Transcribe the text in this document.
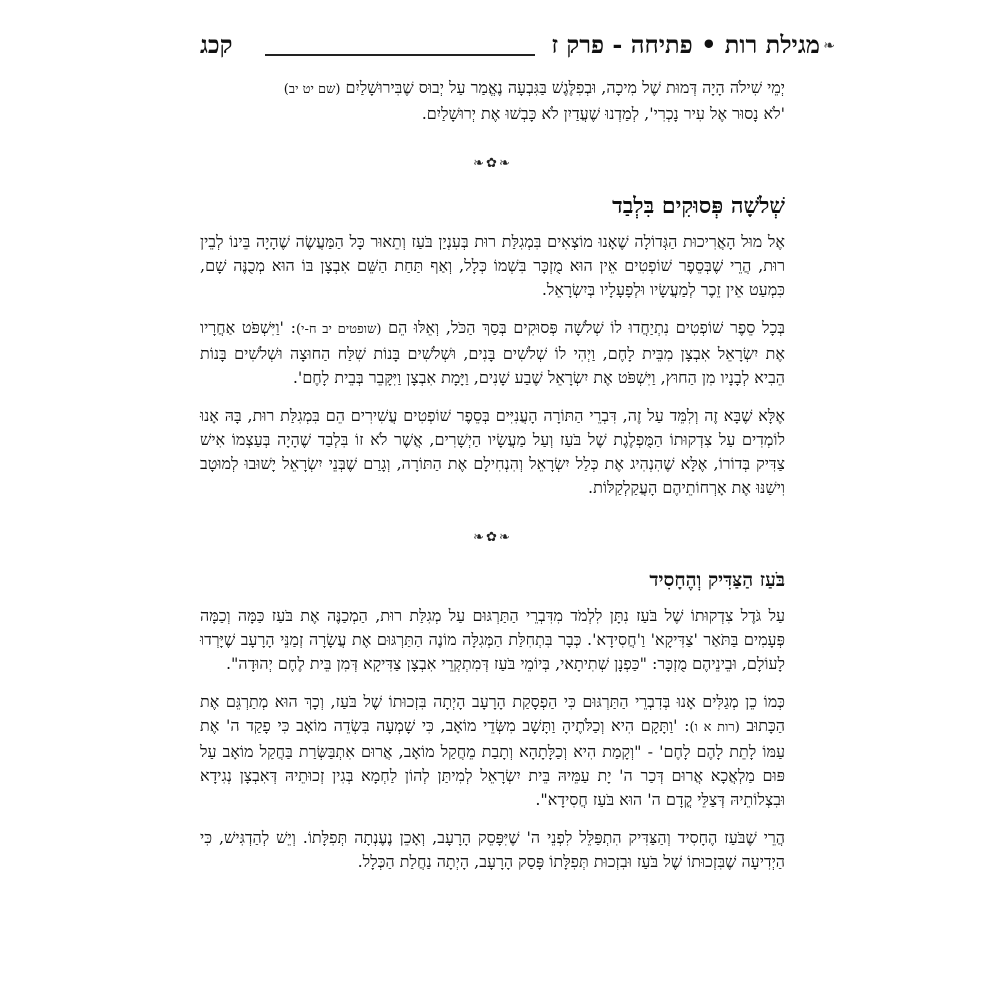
קכג	מגילת רות • פתיחה - פרק ז ❧

יְמֵי שִׁילֹה הָיָה דְּמוּת שֶׁל מִיכָה, וּבְפִלֶּגֶשׁ בַּגִּבְעָה נֶאֱמַר עַל יְבוּס שֶׁבִּירוּשָׁלַיִם (שם יט יב)
'לֹא נָסוּר אֶל עִיר נָכְרִי', לְמַדְנוּ שֶׁעֲדַיִן לֹא כָּבְשׁוּ אֶת יְרוּשָׁלַיִם.

❧✿❧
שְׁלֹשָׁה פְּסוּקִים בִּלְבַד

אֶל מוּל הָאֲרִיכוּת הַגְּדוֹלָה שֶׁאָנוּ מוֹצְאִים בִּמְגִלַּת רוּת בְּעִנְיַן בֹּעַז וְתֵאוּר כָּל הַמַּעֲשֶׂה שֶׁהָיָה בֵּינוֹ לְבֵין רוּת, הֲרֵי שֶׁבְּסֵפֶר שׁוֹפְטִים אֵין הוּא מֻזְכָּר בִּשְׁמוֹ כְּלָל, וְאַף תַּחַת הַשֵּׁם אִבְצָן בּוֹ הוּא מְכֻנֶּה שָׁם, כִּמְעַט אֵין זֵכֶר לְמַעֲשָׂיו וּלְפָעָלָיו בְּיִשְׂרָאֵל.

בְּכָל סֵפֶר שׁוֹפְטִים נִתְיַחֲדוּ לוֹ שְׁלֹשָׁה פְּסוּקִים בְּסַךְ הַכֹּל, וְאֵלּוּ הֵם (שופטים יב ח-י): 'וַיִּשְׁפֹּט אַחֲרָיו אֶת יִשְׂרָאֵל אִבְצָן מִבֵּית לָחֶם, וַיְהִי לוֹ שְׁלֹשִׁים בָּנִים, וּשְׁלֹשִׁים בָּנוֹת שִׁלַּח הַחוּצָה וּשְׁלֹשִׁים בָּנוֹת הֵבִיא לְבָנָיו מִן הַחוּץ, וַיִּשְׁפֹּט אֶת יִשְׂרָאֵל שֶׁבַע שָׁנִים, וַיָּמָת אִבְצָן וַיִּקָּבֵר בְּבֵית לָחֶם'.

אֶלָּא שֶׁבָּא זֶה וְלִמֵּד עַל זֶה, דִּבְרֵי הַתּוֹרָה הָעֲנִיִּים בְּסֵפֶר שׁוֹפְטִים עֲשִׁירִים הֵם בִּמְגִלַּת רוּת, בָּהּ אָנוּ לוֹמְדִים עַל צִדְקוּתוֹ הַמֻּפְלֶגֶת שֶׁל בֹּעַז וְעַל מַעֲשָׂיו הַיְשָׁרִים, אֲשֶׁר לֹא זוֹ בִּלְבַד שֶׁהָיָה בְּעַצְמוֹ אִישׁ צַדִּיק בְּדוֹרוֹ, אֶלָּא שֶׁהִנְהִיג אֶת כְּלַל יִשְׂרָאֵל וְהִנְחִילָם אֶת הַתּוֹרָה, וְגָרַם שֶׁבְּנֵי יִשְׂרָאֵל יָשׁוּבוּ לְמוּטָב וִישַׁנּוּ אֶת אָרְחוֹתֵיהֶם הָעֲקַלְקַלּוֹת.

❧✿❧
בֹּעַז הַצַּדִּיק וְהֶחָסִיד

עַל גֹּדֶל צִדְקוּתוֹ שֶׁל בֹּעַז נִתָּן לִלְמֹד מִדִּבְרֵי הַתַּרְגּוּם עַל מְגִלַּת רוּת, הַמְכַנֶּה אֶת בֹּעַז כַּמָּה וְכַמָּה פְּעָמִים בַּתֹּאַר 'צַדִּיקָא' וַ'חֲסִידָא'. כְּבָר בִּתְחִלַּת הַמְּגִלָּה מוֹנֶה הַתַּרְגּוּם אֶת עֲשָׂרָה זְמַנֵּי הָרָעָב שֶׁיָּרְדוּ לָעוֹלָם, וּבֵינֵיהֶם מֻזְכָּר: "כַּפְנָן שְׁתִיתָאי, בְּיוֹמֵי בֹּעַז דְּמִתְקְרֵי אִבְצָן צַדִּיקָא דְּמִן בֵּית לֶחֶם יְהוּדָה".

כְּמוֹ כֵן מְגַלִּים אָנוּ בְּדִבְרֵי הַתַּרְגּוּם כִּי הַפְסָקַת הָרָעָב הָיְתָה בִּזְכוּתוֹ שֶׁל בֹּעַז, וְכָךְ הוּא מְתַרְגֵּם אֶת הַכָּתוּב (רות א ו): 'וַתָּקָם הִיא וְכַלֹּתֶיהָ וַתָּשָׁב מִשְּׂדֵי מוֹאָב, כִּי שָׁמְעָה בִּשְׂדֵה מוֹאָב כִּי פָקַד ה' אֶת עַמּוֹ לָתֵת לָהֶם לָחֶם' - "וְקָמַת הִיא וְכַלָּתָהָא וְתָבַת מֵחֲקַל מוֹאָב, אֲרוּם אִתְבַּשְּׂרַת בַּחֲקַל מוֹאָב עַל פּוּם מַלְאֲכָא אֲרוּם דְּכַר ה' יָת עַמֵּיהּ בֵּית יִשְׂרָאֵל לְמִיתַּן לְהוֹן לַחְמָא בְּגִין זְכוּתֵיהּ דְּאִבְצָן נְגִידָא וּבִצְלוֹתֵיהּ דְּצַלֵּי קֳדָם ה' הוּא בֹּעַז חֲסִידָא".

הֲרֵי שֶׁבֹּעַז הֶחָסִיד וְהַצַּדִּיק הִתְפַּלֵּל לִפְנֵי ה' שֶׁיִּפָּסֵק הָרָעָב, וְאָכֵן נֶעֶנְתָה תְּפִלָּתוֹ. וְיֵשׁ לְהַדְגִּישׁ, כִּי הַיְדִיעָה שֶׁבִּזְכוּתוֹ שֶׁל בֹּעַז וּבִזְכוּת תְּפִלָּתוֹ פָּסַק הָרָעָב, הָיְתָה נַחֲלַת הַכְּלָל.
